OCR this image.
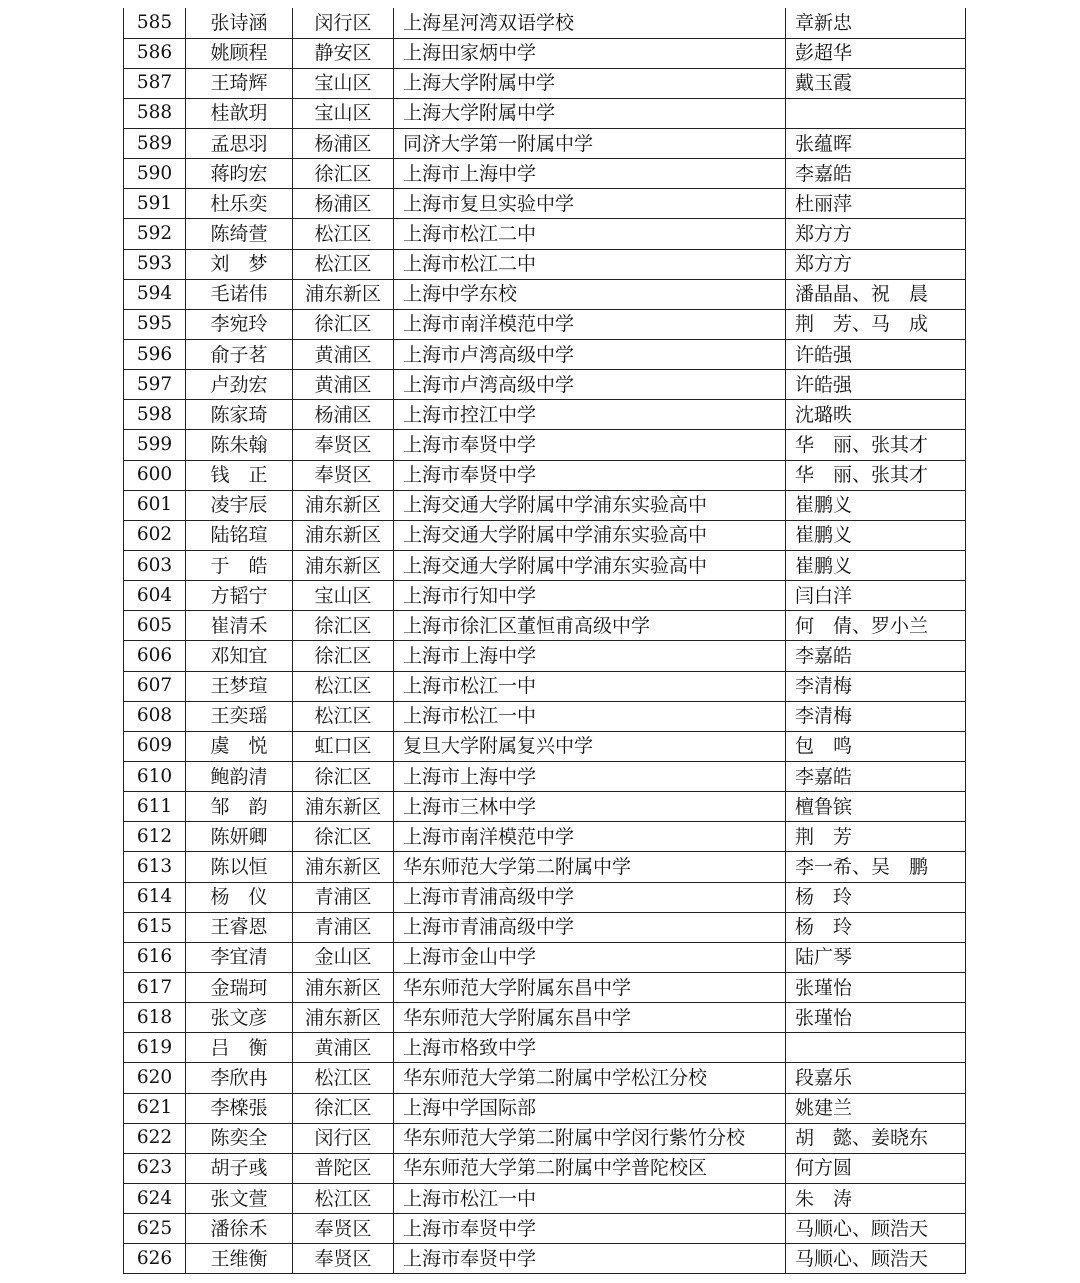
585	张诗涵	闵行区	上海星河湾双语学校	章新忠
586	姚顾程	静安区	上海田家炳中学	彭超华
587	王琦辉	宝山区	上海大学附属中学	戴玉霞
588	桂歆玥	宝山区	上海大学附属中学	
589	孟思羽	杨浦区	同济大学第一附属中学	张蕴晖
590	蒋昀宏	徐汇区	上海市上海中学	李嘉皓
591	杜乐奕	杨浦区	上海市复旦实验中学	杜丽萍
592	陈绮萱	松江区	上海市松江二中	郑方方
593	刘　梦	松江区	上海市松江二中	郑方方
594	毛诺伟	浦东新区	上海中学东校	潘晶晶、祝　晨
595	李宛玲	徐汇区	上海市南洋模范中学	荆　芳、马　成
596	俞子茗	黄浦区	上海市卢湾高级中学	许皓强
597	卢劲宏	黄浦区	上海市卢湾高级中学	许皓强
598	陈家琦	杨浦区	上海市控江中学	沈璐昳
599	陈朱翰	奉贤区	上海市奉贤中学	华　丽、张其才
600	钱　正	奉贤区	上海市奉贤中学	华　丽、张其才
601	凌宇辰	浦东新区	上海交通大学附属中学浦东实验高中	崔鹏义
602	陆铭瑄	浦东新区	上海交通大学附属中学浦东实验高中	崔鹏义
603	于　皓	浦东新区	上海交通大学附属中学浦东实验高中	崔鹏义
604	方韬宁	宝山区	上海市行知中学	闫白洋
605	崔清禾	徐汇区	上海市徐汇区董恒甫高级中学	何　倩、罗小兰
606	邓知宜	徐汇区	上海市上海中学	李嘉皓
607	王梦瑄	松江区	上海市松江一中	李清梅
608	王奕瑶	松江区	上海市松江一中	李清梅
609	虞　悦	虹口区	复旦大学附属复兴中学	包　鸣
610	鲍韵清	徐汇区	上海市上海中学	李嘉皓
611	邹　韵	浦东新区	上海市三林中学	檀鲁镔
612	陈妍卿	徐汇区	上海市南洋模范中学	荆　芳
613	陈以恒	浦东新区	华东师范大学第二附属中学	李一希、吴　鹏
614	杨　仪	青浦区	上海市青浦高级中学	杨　玲
615	王睿恩	青浦区	上海市青浦高级中学	杨　玲
616	李宜清	金山区	上海市金山中学	陆广琴
617	金瑞珂	浦东新区	华东师范大学附属东昌中学	张瑾怡
618	张文彦	浦东新区	华东师范大学附属东昌中学	张瑾怡
619	吕　衡	黄浦区	上海市格致中学	
620	李欣冉	松江区	华东师范大学第二附属中学松江分校	段嘉乐
621	李檪張	徐汇区	上海中学国际部	姚建兰
622	陈奕全	闵行区	华东师范大学第二附属中学闵行紫竹分校	胡　懿、姜晓东
623	胡子彧	普陀区	华东师范大学第二附属中学普陀校区	何方圆
624	张文萱	松江区	上海市松江一中	朱　涛
625	潘徐禾	奉贤区	上海市奉贤中学	马顺心、顾浩天
626	王维衡	奉贤区	上海市奉贤中学	马顺心、顾浩天
